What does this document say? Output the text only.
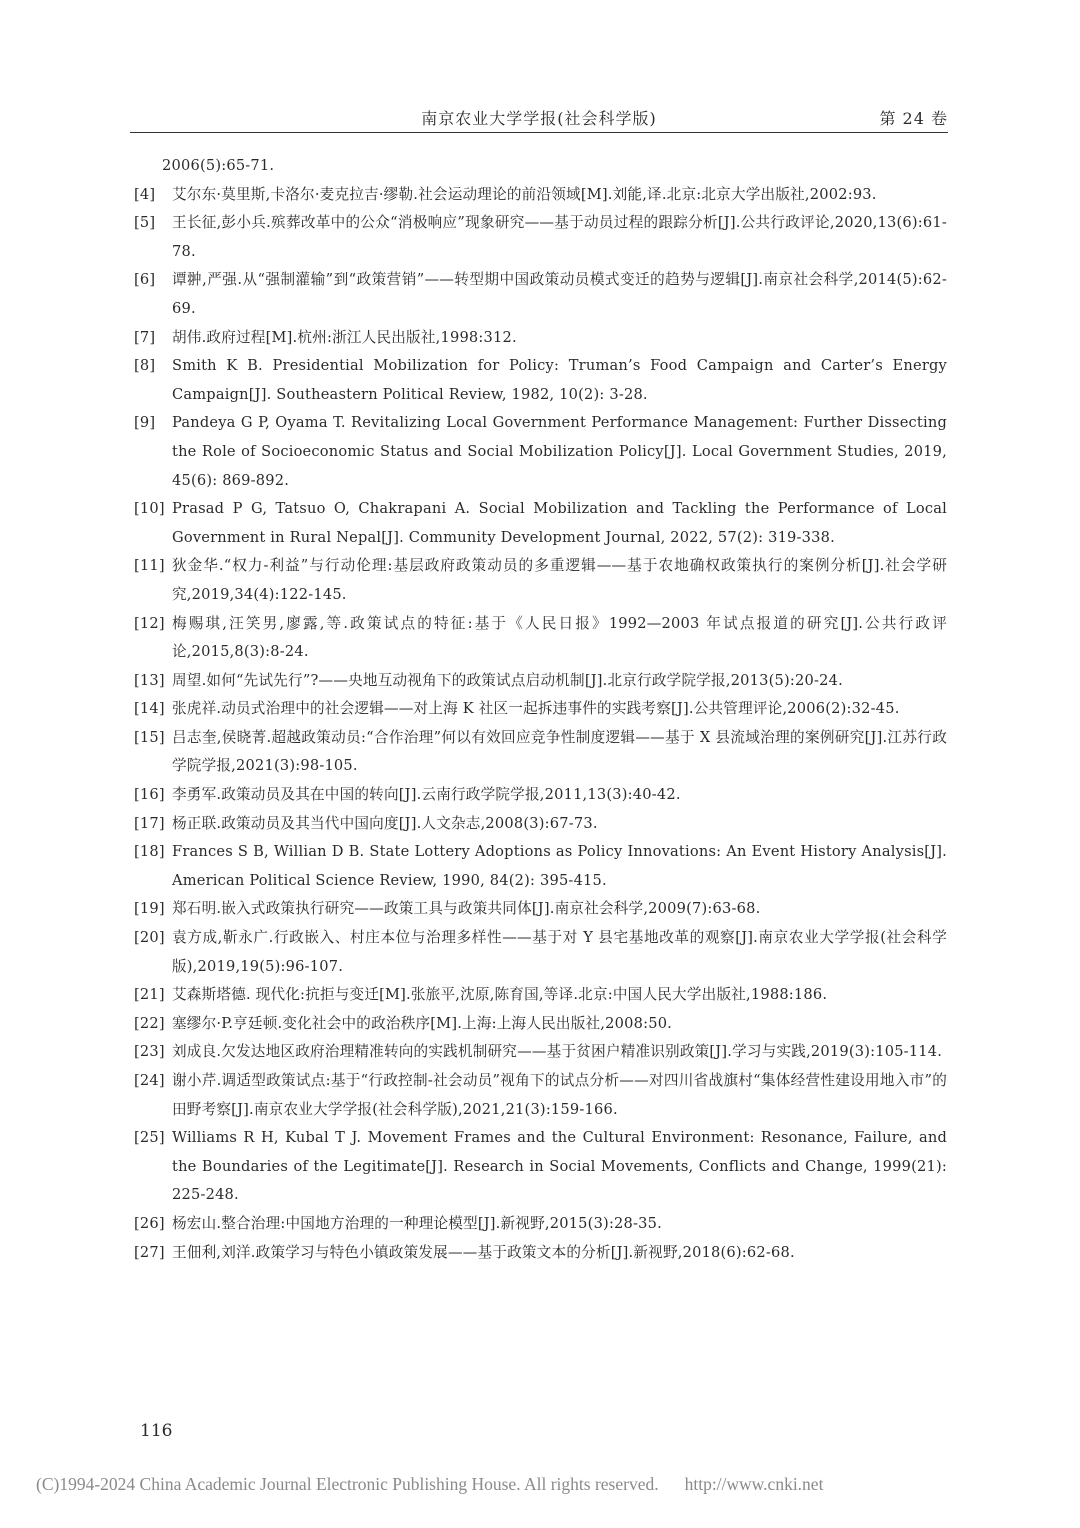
南京农业大学学报(社会科学版)	第 24 卷
2006(5):65-71.
[4] 艾尔东·莫里斯,卡洛尔·麦克拉吉·缪勒.社会运动理论的前沿领域[M].刘能,译.北京:北京大学出版社,2002:93.
[5] 王长征,彭小兵.殡葬改革中的公众“消极响应”现象研究——基于动员过程的跟踪分析[J].公共行政评论,2020,13(6):61-78.
[6] 谭翀,严强.从“强制灌输”到“政策营销”——转型期中国政策动员模式变迁的趋势与逻辑[J].南京社会科学,2014(5):62-69.
[7] 胡伟.政府过程[M].杭州:浙江人民出版社,1998:312.
[8] Smith K B. Presidential Mobilization for Policy: Truman’s Food Campaign and Carter’s Energy Campaign[J]. Southeastern Political Review, 1982, 10(2): 3-28.
[9] Pandeya G P, Oyama T. Revitalizing Local Government Performance Management: Further Dissecting the Role of Socioeconomic Status and Social Mobilization Policy[J]. Local Government Studies, 2019, 45(6): 869-892.
[10] Prasad P G, Tatsuo O, Chakrapani A. Social Mobilization and Tackling the Performance of Local Government in Rural Nepal[J]. Community Development Journal, 2022, 57(2): 319-338.
[11] 狄金华.“权力-利益”与行动伦理:基层政府政策动员的多重逻辑——基于农地确权政策执行的案例分析[J].社会学研究,2019,34(4):122-145.
[12] 梅赐琪,汪笑男,廖露,等.政策试点的特征:基于《人民日报》1992—2003 年试点报道的研究[J].公共行政评论,2015,8(3):8-24.
[13] 周望.如何“先试先行”?——央地互动视角下的政策试点启动机制[J].北京行政学院学报,2013(5):20-24.
[14] 张虎祥.动员式治理中的社会逻辑——对上海 K 社区一起拆违事件的实践考察[J].公共管理评论,2006(2):32-45.
[15] 吕志奎,侯晓菁.超越政策动员:“合作治理”何以有效回应竞争性制度逻辑——基于 X 县流域治理的案例研究[J].江苏行政学院学报,2021(3):98-105.
[16] 李勇军.政策动员及其在中国的转向[J].云南行政学院学报,2011,13(3):40-42.
[17] 杨正联.政策动员及其当代中国向度[J].人文杂志,2008(3):67-73.
[18] Frances S B, Willian D B. State Lottery Adoptions as Policy Innovations: An Event History Analysis[J]. American Political Science Review, 1990, 84(2): 395-415.
[19] 郑石明.嵌入式政策执行研究——政策工具与政策共同体[J].南京社会科学,2009(7):63-68.
[20] 袁方成,靳永广.行政嵌入、村庄本位与治理多样性——基于对 Y 县宅基地改革的观察[J].南京农业大学学报(社会科学版),2019,19(5):96-107.
[21] 艾森斯塔德. 现代化:抗拒与变迁[M].张旅平,沈原,陈育国,等译.北京:中国人民大学出版社,1988:186.
[22] 塞缪尔·P.亨廷顿.变化社会中的政治秩序[M].上海:上海人民出版社,2008:50.
[23] 刘成良.欠发达地区政府治理精准转向的实践机制研究——基于贫困户精准识别政策[J].学习与实践,2019(3):105-114.
[24] 谢小芹.调适型政策试点:基于“行政控制-社会动员”视角下的试点分析——对四川省战旗村“集体经营性建设用地入市”的田野考察[J].南京农业大学学报(社会科学版),2021,21(3):159-166.
[25] Williams R H, Kubal T J. Movement Frames and the Cultural Environment: Resonance, Failure, and the Boundaries of the Legitimate[J]. Research in Social Movements, Conflicts and Change, 1999(21): 225-248.
[26] 杨宏山.整合治理:中国地方治理的一种理论模型[J].新视野,2015(3):28-35.
[27] 王佃利,刘洋.政策学习与特色小镇政策发展——基于政策文本的分析[J].新视野,2018(6):62-68.
116
(C)1994-2024 China Academic Journal Electronic Publishing House. All rights reserved. http://www.cnki.net
